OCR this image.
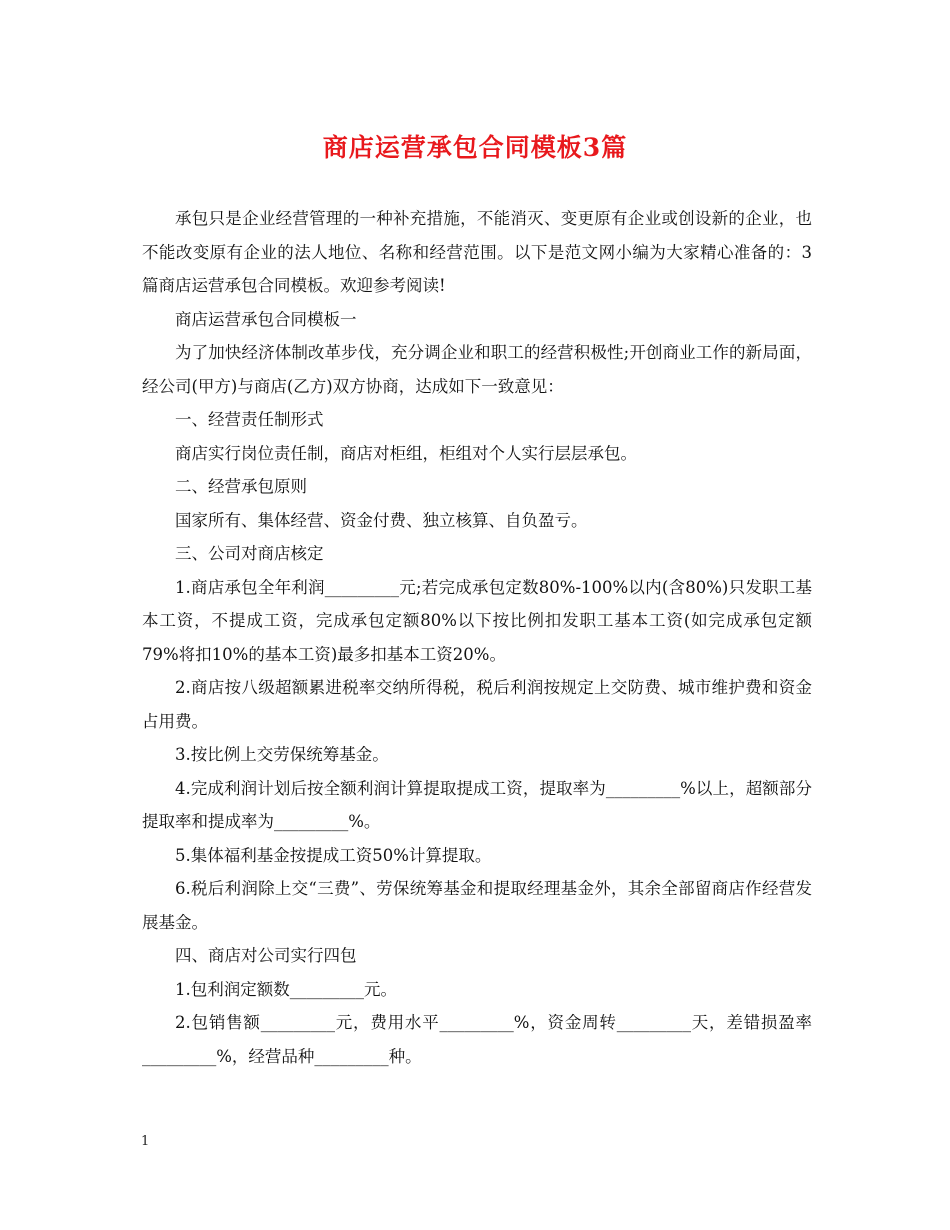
商店运营承包合同模板3篇

承包只是企业经营管理的一种补充措施，不能消灭、变更原有企业或创设新的企业，也不能改变原有企业的法人地位、名称和经营范围。以下是范文网小编为大家精心准备的：3篇商店运营承包合同模板。欢迎参考阅读!

商店运营承包合同模板一

为了加快经济体制改革步伐，充分调企业和职工的经营积极性;开创商业工作的新局面，经公司(甲方)与商店(乙方)双方协商，达成如下一致意见：

一、经营责任制形式

商店实行岗位责任制，商店对柜组，柜组对个人实行层层承包。

二、经营承包原则

国家所有、集体经营、资金付费、独立核算、自负盈亏。

三、公司对商店核定

1.商店承包全年利润_________元;若完成承包定数80%-100%以内(含80%)只发职工基本工资，不提成工资，完成承包定额80%以下按比例扣发职工基本工资(如完成承包定额79%将扣10%的基本工资)最多扣基本工资20%。

2.商店按八级超额累进税率交纳所得税，税后利润按规定上交防费、城市维护费和资金占用费。

3.按比例上交劳保统筹基金。

4.完成利润计划后按全额利润计算提取提成工资，提取率为_________%以上，超额部分提取率和提成率为_________%。

5.集体福利基金按提成工资50%计算提取。

6.税后利润除上交“三费”、劳保统筹基金和提取经理基金外，其余全部留商店作经营发展基金。

四、商店对公司实行四包

1.包利润定额数_________元。

2.包销售额_________元，费用水平_________%，资金周转_________天，差错损盈率_________%，经营品种_________种。

1
